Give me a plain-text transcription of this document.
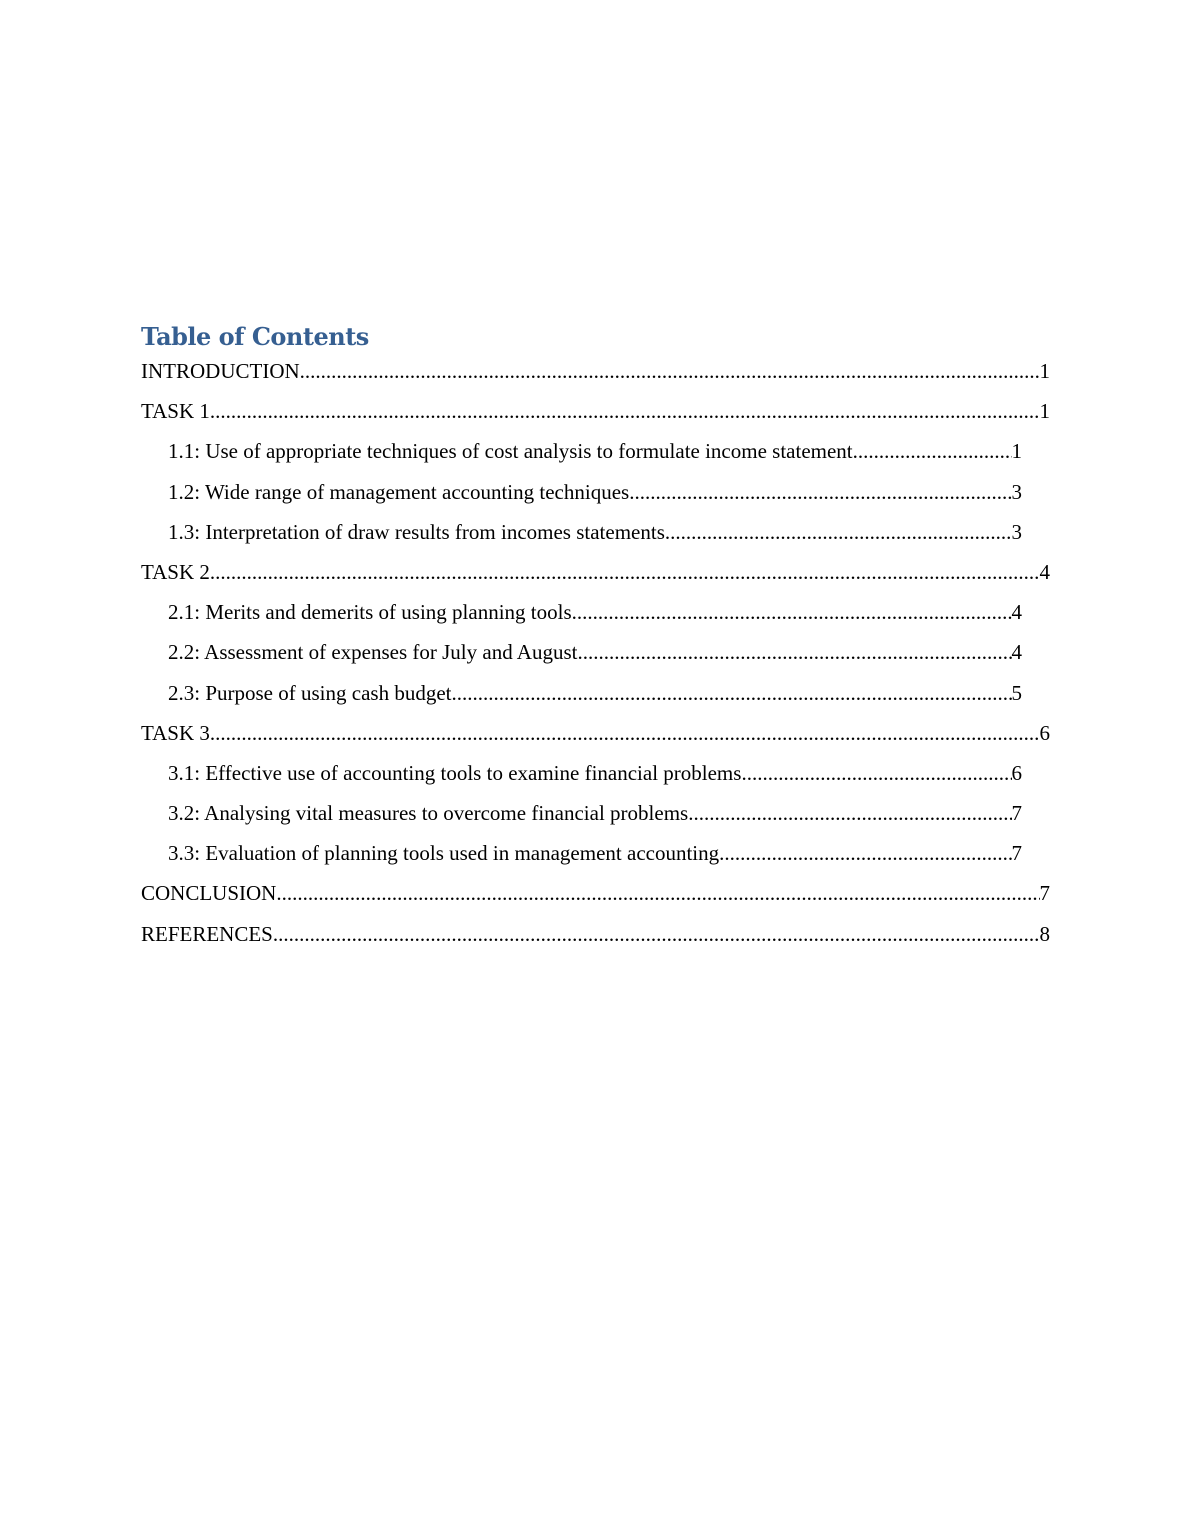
Table of Contents
INTRODUCTION .....	1
TASK 1 .....	1
1.1: Use of appropriate techniques of cost analysis to formulate income statement .....	1
1.2: Wide range of management accounting techniques .....	3
1.3: Interpretation of draw results from incomes statements .....	3
TASK 2 .....	4
2.1: Merits and demerits of using planning tools .....	4
2.2: Assessment of expenses for July and August .....	4
2.3: Purpose of using cash budget .....	5
TASK 3 .....	6
3.1: Effective use of accounting tools to examine financial problems .....	6
3.2: Analysing vital measures to overcome financial problems .....	7
3.3: Evaluation of planning tools used in management accounting .....	7
CONCLUSION .....	7
REFERENCES .....	8
